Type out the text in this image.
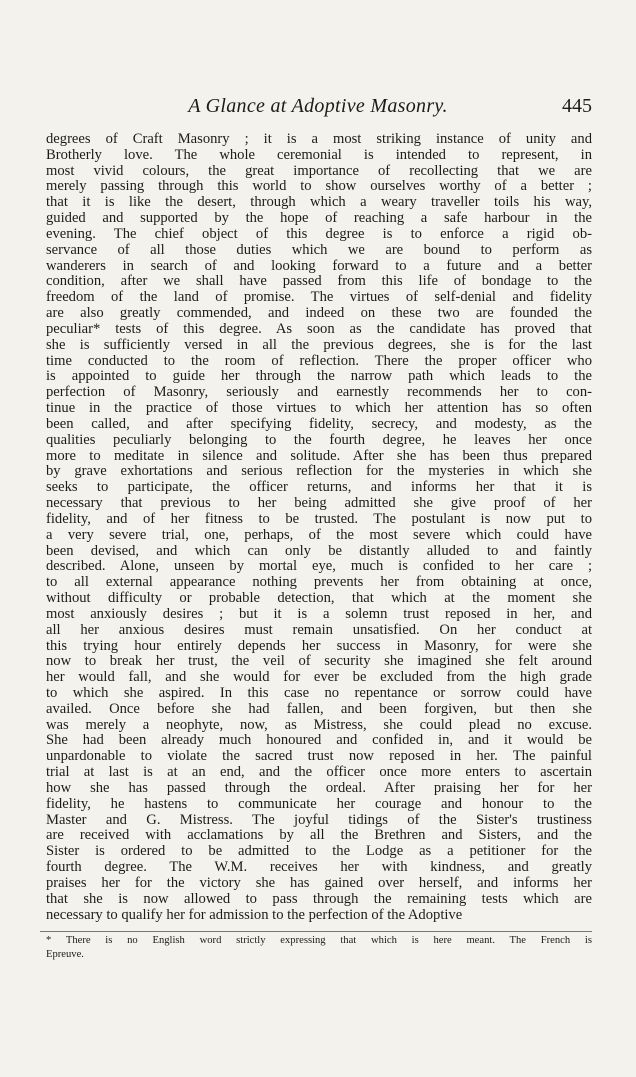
A Glance at Adoptive Masonry.	445
degrees of Craft Masonry ; it is a most striking instance of unity and
Brotherly love. The whole ceremonial is intended to represent, in
most vivid colours, the great importance of recollecting that we are
merely passing through this world to show ourselves worthy of a better ;
that it is like the desert, through which a weary traveller toils his way,
guided and supported by the hope of reaching a safe harbour in the
evening. The chief object of this degree is to enforce a rigid ob-
servance of all those duties which we are bound to perform as
wanderers in search of and looking forward to a future and a better
condition, after we shall have passed from this life of bondage to the
freedom of the land of promise. The virtues of self-denial and fidelity
are also greatly commended, and indeed on these two are founded the
peculiar* tests of this degree. As soon as the candidate has proved that
she is sufficiently versed in all the previous degrees, she is for the last
time conducted to the room of reflection. There the proper officer who
is appointed to guide her through the narrow path which leads to the
perfection of Masonry, seriously and earnestly recommends her to con-
tinue in the practice of those virtues to which her attention has so often
been called, and after specifying fidelity, secrecy, and modesty, as the
qualities peculiarly belonging to the fourth degree, he leaves her once
more to meditate in silence and solitude. After she has been thus prepared
by grave exhortations and serious reflection for the mysteries in which she
seeks to participate, the officer returns, and informs her that it is
necessary that previous to her being admitted she give proof of her
fidelity, and of her fitness to be trusted. The postulant is now put to
a very severe trial, one, perhaps, of the most severe which could have
been devised, and which can only be distantly alluded to and faintly
described. Alone, unseen by mortal eye, much is confided to her care ;
to all external appearance nothing prevents her from obtaining at once,
without difficulty or probable detection, that which at the moment she
most anxiously desires ; but it is a solemn trust reposed in her, and
all her anxious desires must remain unsatisfied. On her conduct at
this trying hour entirely depends her success in Masonry, for were she
now to break her trust, the veil of security she imagined she felt around
her would fall, and she would for ever be excluded from the high grade
to which she aspired. In this case no repentance or sorrow could have
availed. Once before she had fallen, and been forgiven, but then she
was merely a neophyte, now, as Mistress, she could plead no excuse.
She had been already much honoured and confided in, and it would be
unpardonable to violate the sacred trust now reposed in her. The painful
trial at last is at an end, and the officer once more enters to ascertain
how she has passed through the ordeal. After praising her for her
fidelity, he hastens to communicate her courage and honour to the
Master and G. Mistress. The joyful tidings of the Sister's trustiness
are received with acclamations by all the Brethren and Sisters, and the
Sister is ordered to be admitted to the Lodge as a petitioner for the
fourth degree. The W.M. receives her with kindness, and greatly
praises her for the victory she has gained over herself, and informs her
that she is now allowed to pass through the remaining tests which are
necessary to qualify her for admission to the perfection of the Adoptive
* There is no English word strictly expressing that which is here meant. The French is
Epreuve.
